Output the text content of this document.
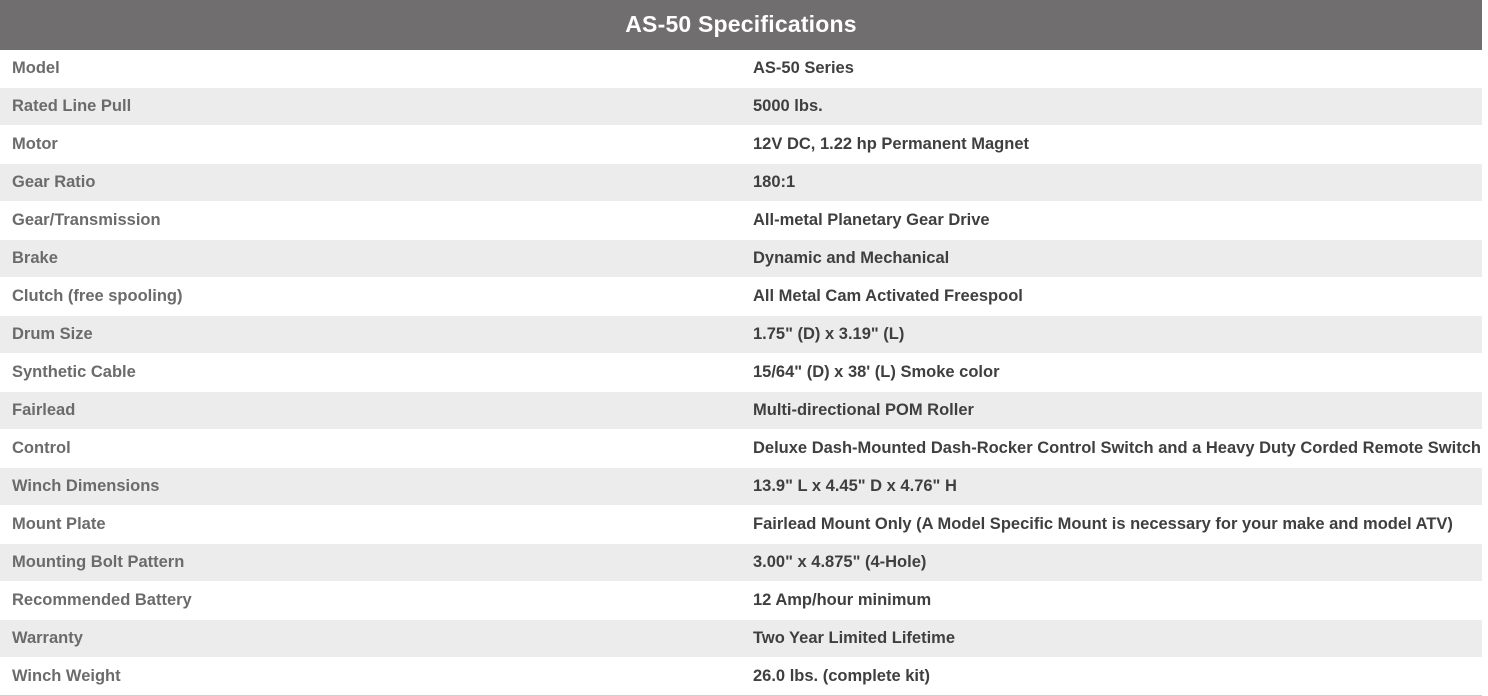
AS-50 Specifications	
Model	AS-50 Series
Rated Line Pull	5000 lbs.
Motor	12V DC, 1.22 hp Permanent Magnet
Gear Ratio	180:1
Gear/Transmission	All-metal Planetary Gear Drive
Brake	Dynamic and Mechanical
Clutch (free spooling)	All Metal Cam Activated Freespool
Drum Size	1.75" (D) x 3.19" (L)
Synthetic Cable	15/64" (D) x 38' (L) Smoke color
Fairlead	Multi-directional POM Roller
Control	Deluxe Dash-Mounted Dash-Rocker Control Switch and a Heavy Duty Corded Remote Switch
Winch Dimensions	13.9" L x 4.45" D x 4.76" H
Mount Plate	Fairlead Mount Only (A Model Specific Mount is necessary for your make and model ATV)
Mounting Bolt Pattern	3.00" x 4.875" (4-Hole)
Recommended Battery	12 Amp/hour minimum
Warranty	Two Year Limited Lifetime
Winch Weight	26.0 lbs. (complete kit)
